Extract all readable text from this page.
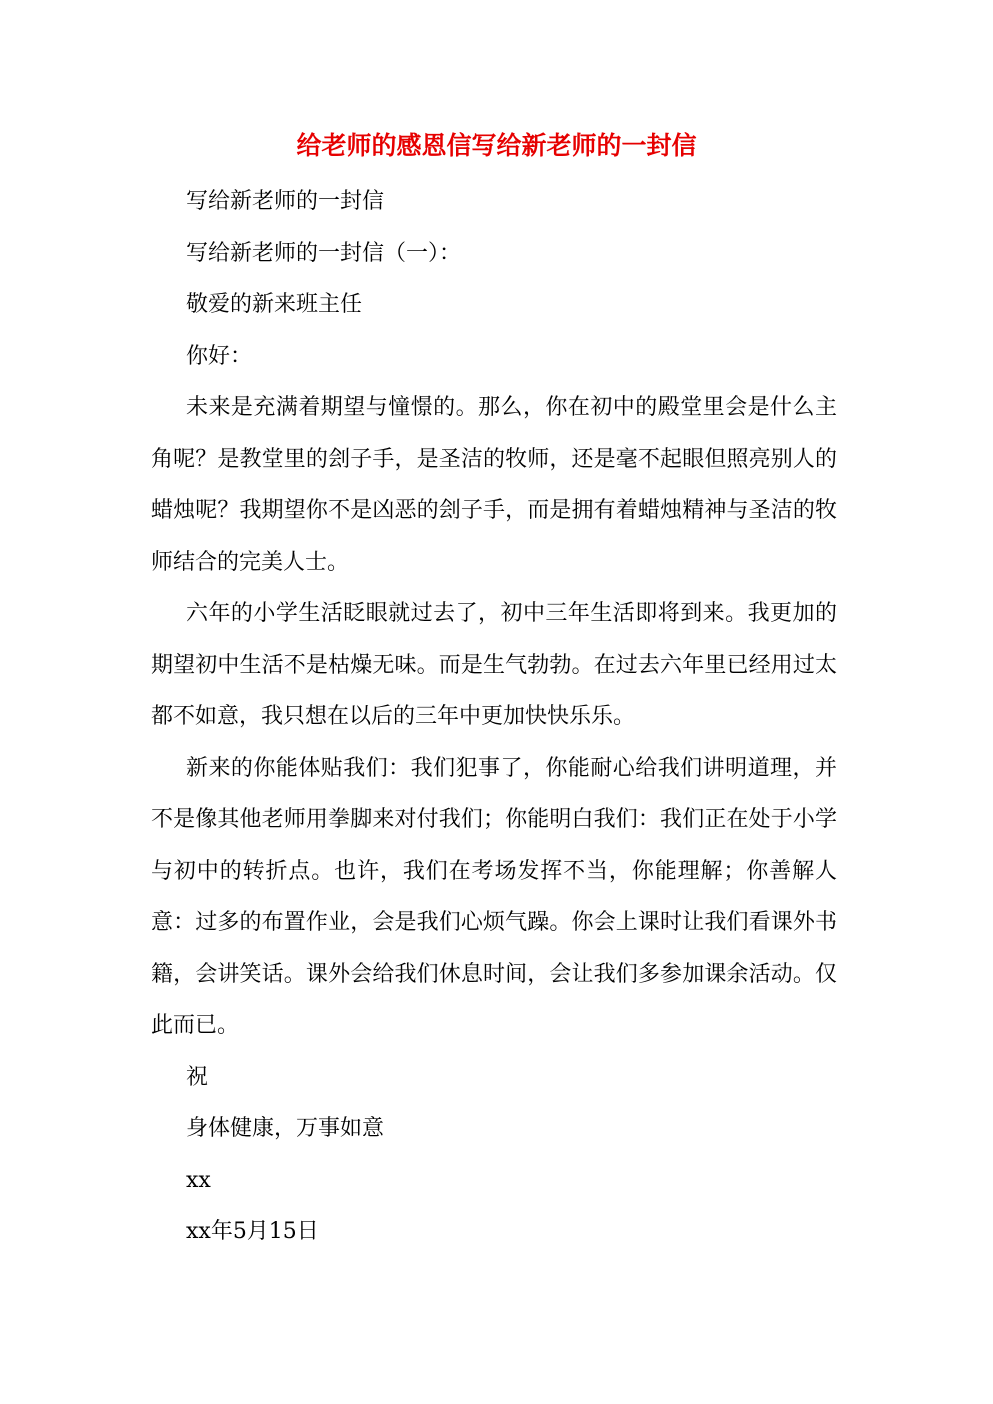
给老师的感恩信写给新老师的一封信

写给新老师的一封信

写给新老师的一封信（一）：

敬爱的新来班主任

你好：

未来是充满着期望与憧憬的。那么，你在初中的殿堂里会是什么主角呢？是教堂里的刽子手，是圣洁的牧师，还是毫不起眼但照亮别人的蜡烛呢？我期望你不是凶恶的刽子手，而是拥有着蜡烛精神与圣洁的牧师结合的完美人士。

六年的小学生活眨眼就过去了，初中三年生活即将到来。我更加的期望初中生活不是枯燥无味。而是生气勃勃。在过去六年里已经用过太都不如意，我只想在以后的三年中更加快快乐乐。

新来的你能体贴我们：我们犯事了，你能耐心给我们讲明道理，并不是像其他老师用拳脚来对付我们；你能明白我们：我们正在处于小学与初中的转折点。也许，我们在考场发挥不当，你能理解；你善解人意：过多的布置作业，会是我们心烦气躁。你会上课时让我们看课外书籍，会讲笑话。课外会给我们休息时间，会让我们多参加课余活动。仅此而已。

祝

身体健康，万事如意

xx

xx年5月15日
